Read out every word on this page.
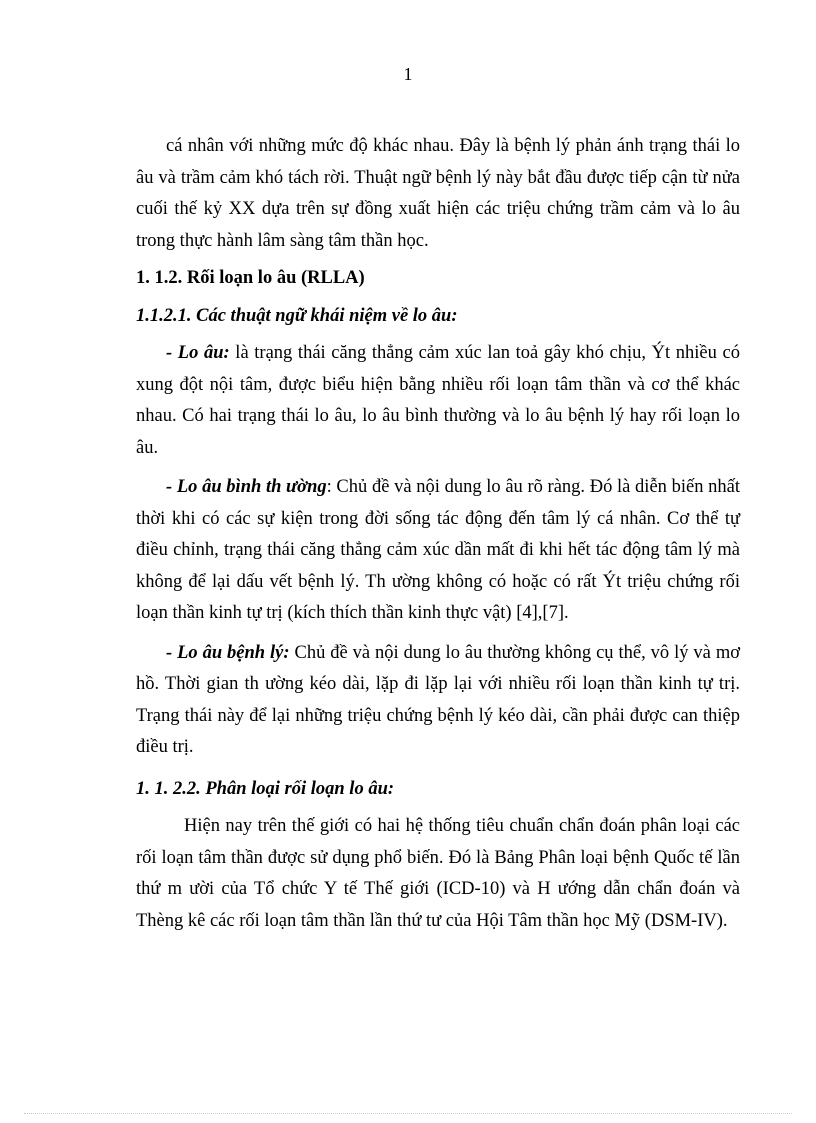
1

cá nhân với những mức độ khác nhau. Đây là bệnh lý phản ánh trạng thái lo âu và trầm cảm khó tách rời. Thuật ngữ bệnh lý này bắt đầu được tiếp cận từ nửa cuối thế kỷ XX dựa trên sự đồng xuất hiện các triệu chứng trầm cảm và lo âu trong thực hành lâm sàng tâm thần học.

1. 1.2. Rối loạn lo âu (RLLA)

1.1.2.1. Các thuật ngữ khái niệm về lo âu:

- Lo âu: là trạng thái căng thẳng cảm xúc lan toả gây khó chịu, Ýt nhiều có xung đột nội tâm, được biểu hiện bằng nhiều rối loạn tâm thần và cơ thể khác nhau. Có hai trạng thái lo âu, lo âu bình thường và lo âu bệnh lý hay rối loạn lo âu.

- Lo âu bình th ường: Chủ đề và nội dung lo âu rõ ràng. Đó là diễn biến nhất thời khi có các sự kiện trong đời sống tác động đến tâm lý cá nhân. Cơ thể tự điều chỉnh, trạng thái căng thẳng cảm xúc dần mất đi khi hết tác động tâm lý mà không để lại dấu vết bệnh lý. Th ường không có hoặc có rất Ýt triệu chứng rối loạn thần kinh tự trị (kích thích thần kinh thực vật) [4],[7].

- Lo âu bệnh lý: Chủ đề và nội dung lo âu thường không cụ thể, vô lý và mơ hồ. Thời gian th ường kéo dài, lặp đi lặp lại với nhiều rối loạn thần kinh tự trị. Trạng thái này để lại những triệu chứng bệnh lý kéo dài, cần phải được can thiệp điều trị.

1. 1. 2.2. Phân loại rối loạn lo âu:

Hiện nay trên thế giới có hai hệ thống tiêu chuẩn chẩn đoán phân loại các rối loạn tâm thần được sử dụng phổ biến. Đó là Bảng Phân loại bệnh Quốc tế lần thứ m ười của Tổ chức Y tế Thế giới (ICD-10) và H ướng dẫn chẩn đoán và Thèng kê các rối loạn tâm thần lần thứ tư của Hội Tâm thần học Mỹ (DSM-IV).
